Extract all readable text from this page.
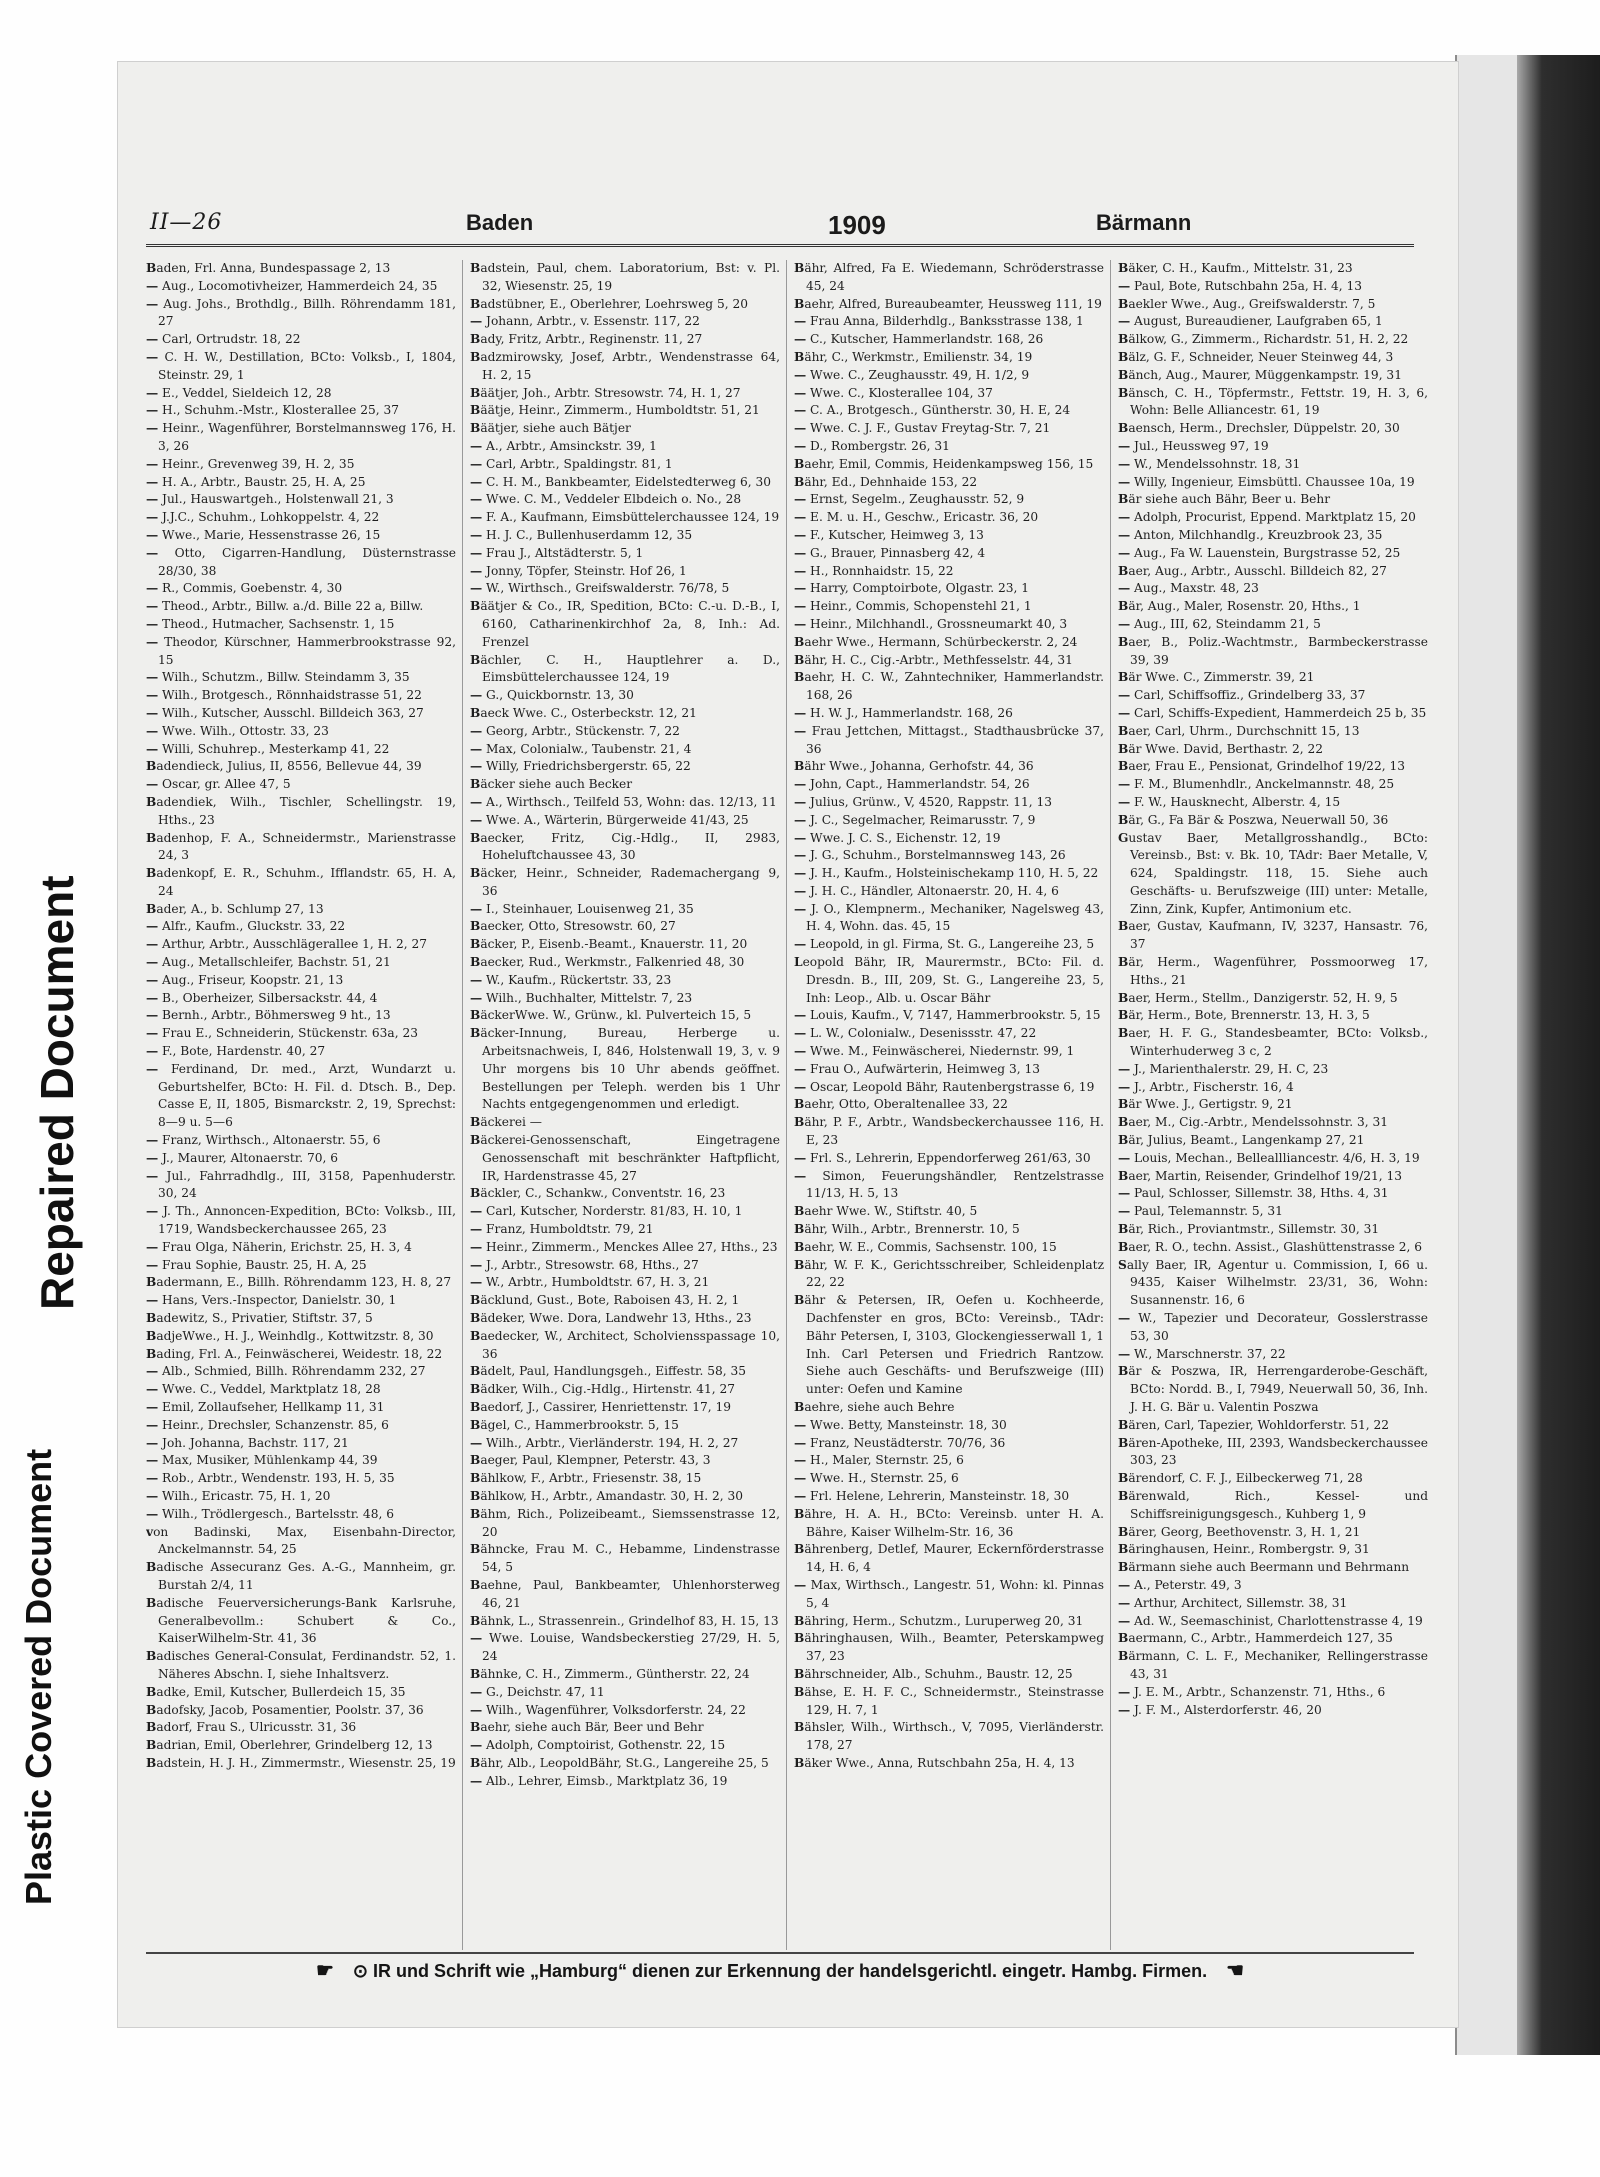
Repaired Document
Plastic Covered Document
II—26	Baden	1909	Bärmann
Baden, Frl. Anna, Bundespassage 2, 13
— Aug., Locomotivheizer, Hammerdeich 24, 35
— Aug. Johs., Brothdlg., Billh. Röhrendamm 181, 27
— Carl, Ortrudstr. 18, 22
— C. H. W., Destillation, BCto: Volksb., I, 1804, Steinstr. 29, 1
— E., Veddel, Sieldeich 12, 28
— H., Schuhm.-Mstr., Klosterallee 25, 37
— Heinr., Wagenführer, Borstelmannsweg 176, H. 3, 26
— Heinr., Grevenweg 39, H. 2, 35
— H. A., Arbtr., Baustr. 25, H. A, 25
— Jul., Hauswartgeh., Holstenwall 21, 3
— J.J.C., Schuhm., Lohkoppelstr. 4, 22
— Wwe., Marie, Hessenstrasse 26, 15
— Otto, Cigarren-Handlung, Düsternstrasse 28/30, 38
— R., Commis, Goebenstr. 4, 30
— Theod., Arbtr., Billw. a./d. Bille 22 a, Billw.
— Theod., Hutmacher, Sachsenstr. 1, 15
— Theodor, Kürschner, Hammerbrookstrasse 92, 15
— Wilh., Schutzm., Billw. Steindamm 3, 35
— Wilh., Brotgesch., Rönnhaidstrasse 51, 22
— Wilh., Kutscher, Ausschl. Billdeich 363, 27
— Wwe. Wilh., Ottostr. 33, 23
— Willi, Schuhrep., Mesterkamp 41, 22
Badendieck, Julius, II, 8556, Bellevue 44, 39
— Oscar, gr. Allee 47, 5
Badendiek, Wilh., Tischler, Schellingstr. 19, Hths., 23
Badenhop, F. A., Schneidermstr., Marienstrasse 24, 3
Badenkopf, E. R., Schuhm., Ifflandstr. 65, H. A, 24
Bader, A., b. Schlump 27, 13
— Alfr., Kaufm., Gluckstr. 33, 22
— Arthur, Arbtr., Ausschlägerallee 1, H. 2, 27
— Aug., Metallschleifer, Bachstr. 51, 21
— Aug., Friseur, Koopstr. 21, 13
— B., Oberheizer, Silbersackstr. 44, 4
— Bernh., Arbtr., Böhmersweg 9 ht., 13
— Frau E., Schneiderin, Stückenstr. 63a, 23
— F., Bote, Hardenstr. 40, 27
— Ferdinand, Dr. med., Arzt, Wundarzt u. Geburtshelfer, BCto: H. Fil. d. Dtsch. B., Dep. Casse E, II, 1805, Bismarckstr. 2, 19, Sprechst: 8—9 u. 5—6
— Franz, Wirthsch., Altonaerstr. 55, 6
— J., Maurer, Altonaerstr. 70, 6
— Jul., Fahrradhdlg., III, 3158, Papenhuderstr. 30, 24
— J. Th., Annoncen-Expedition, BCto: Volksb., III, 1719, Wandsbeckerchaussee 265, 23
— Frau Olga, Näherin, Erichstr. 25, H. 3, 4
— Frau Sophie, Baustr. 25, H. A, 25
Badermann, E., Billh. Röhrendamm 123, H. 8, 27
— Hans, Vers.-Inspector, Danielstr. 30, 1
Badewitz, S., Privatier, Stiftstr. 37, 5
BadjeWwe., H. J., Weinhdlg., Kottwitzstr. 8, 30
Bading, Frl. A., Feinwäscherei, Weidestr. 18, 22
— Alb., Schmied, Billh. Röhrendamm 232, 27
— Wwe. C., Veddel, Marktplatz 18, 28
— Emil, Zollaufseher, Hellkamp 11, 31
— Heinr., Drechsler, Schanzenstr. 85, 6
— Joh. Johanna, Bachstr. 117, 21
— Max, Musiker, Mühlenkamp 44, 39
— Rob., Arbtr., Wendenstr. 193, H. 5, 35
— Wilh., Ericastr. 75, H. 1, 20
— Wilh., Trödlergesch., Bartelsstr. 48, 6
von Badinski, Max, Eisenbahn-Director, Anckelmannstr. 54, 25
Badische Assecuranz Ges. A.-G., Mannheim, gr. Burstah 2/4, 11
Badische Feuerversicherungs-Bank Karlsruhe, Generalbevollm.: Schubert & Co., KaiserWilhelm-Str. 41, 36
Badisches General-Consulat, Ferdinandstr. 52, 1. Näheres Abschn. I, siehe Inhaltsverz.
Badke, Emil, Kutscher, Bullerdeich 15, 35
Badofsky, Jacob, Posamentier, Poolstr. 37, 36
Badorf, Frau S., Ulricusstr. 31, 36
Badrian, Emil, Oberlehrer, Grindelberg 12, 13
Badstein, H. J. H., Zimmermstr., Wiesenstr. 25, 19
Badstein, Paul, chem. Laboratorium, Bst: v. Pl. 32, Wiesenstr. 25, 19
Badstübner, E., Oberlehrer, Loehrsweg 5, 20
— Johann, Arbtr., v. Essenstr. 117, 22
Bady, Fritz, Arbtr., Reginenstr. 11, 27
Badzmirowsky, Josef, Arbtr., Wendenstrasse 64, H. 2, 15
Bäätjer, Joh., Arbtr. Stresowstr. 74, H. 1, 27
Bäätje, Heinr., Zimmerm., Humboldtstr. 51, 21
Bäätjer, siehe auch Bätjer
— A., Arbtr., Amsinckstr. 39, 1
— Carl, Arbtr., Spaldingstr. 81, 1
— C. H. M., Bankbeamter, Eidelstedterweg 6, 30
— Wwe. C. M., Veddeler Elbdeich o. No., 28
— F. A., Kaufmann, Eimsbüttelerchaussee 124, 19
— H. J. C., Bullenhuserdamm 12, 35
— Frau J., Altstädterstr. 5, 1
— Jonny, Töpfer, Steinstr. Hof 26, 1
— W., Wirthsch., Greifswalderstr. 76/78, 5
Bäätjer & Co., IR, Spedition, BCto: C.-u. D.-B., I, 6160, Catharinenkirchhof 2a, 8, Inh.: Ad. Frenzel
Bächler, C. H., Hauptlehrer a. D., Eimsbüttelerchaussee 124, 19
— G., Quickbornstr. 13, 30
Baeck Wwe. C., Osterbeckstr. 12, 21
— Georg, Arbtr., Stückenstr. 7, 22
— Max, Colonialw., Taubenstr. 21, 4
— Willy, Friedrichsbergerstr. 65, 22
Bäcker siehe auch Becker
— A., Wirthsch., Teilfeld 53, Wohn: das. 12/13, 11
— Wwe. A., Wärterin, Bürgerweide 41/43, 25
Baecker, Fritz, Cig.-Hdlg., II, 2983, Hoheluftchaussee 43, 30
Bäcker, Heinr., Schneider, Rademachergang 9, 36
— I., Steinhauer, Louisenweg 21, 35
Baecker, Otto, Stresowstr. 60, 27
Bäcker, P., Eisenb.-Beamt., Knauerstr. 11, 20
Baecker, Rud., Werkmstr., Falkenried 48, 30
— W., Kaufm., Rückertstr. 33, 23
— Wilh., Buchhalter, Mittelstr. 7, 23
BäckerWwe. W., Grünw., kl. Pulverteich 15, 5
Bäcker-Innung, Bureau, Herberge u. Arbeitsnachweis, I, 846, Holstenwall 19, 3, v. 9 Uhr morgens bis 10 Uhr abends geöffnet. Bestellungen per Teleph. werden bis 1 Uhr Nachts entgegengenommen und erledigt.
Bäckerei —
Bäckerei-Genossenschaft, Eingetragene Genossenschaft mit beschränkter Haftpflicht, IR, Hardenstrasse 45, 27
Bäckler, C., Schankw., Conventstr. 16, 23
— Carl, Kutscher, Norderstr. 81/83, H. 10, 1
— Franz, Humboldtstr. 79, 21
— Heinr., Zimmerm., Menckes Allee 27, Hths., 23
— J., Arbtr., Stresowstr. 68, Hths., 27
— W., Arbtr., Humboldtstr. 67, H. 3, 21
Bäcklund, Gust., Bote, Raboisen 43, H. 2, 1
Bädeker, Wwe. Dora, Landwehr 13, Hths., 23
Baedecker, W., Architect, Scholviensspassage 10, 36
Bädelt, Paul, Handlungsgeh., Eiffestr. 58, 35
Bädker, Wilh., Cig.-Hdlg., Hirtenstr. 41, 27
Baedorf, J., Cassirer, Henriettenstr. 17, 19
Bägel, C., Hammerbrookstr. 5, 15
— Wilh., Arbtr., Vierländerstr. 194, H. 2, 27
Baeger, Paul, Klempner, Peterstr. 43, 3
Bählkow, F., Arbtr., Friesenstr. 38, 15
Bählkow, H., Arbtr., Amandastr. 30, H. 2, 30
Bähm, Rich., Polizeibeamt., Siemssenstrasse 12, 20
Bähncke, Frau M. C., Hebamme, Lindenstrasse 54, 5
Baehne, Paul, Bankbeamter, Uhlenhorsterweg 46, 21
Bähnk, L., Strassenrein., Grindelhof 83, H. 15, 13
— Wwe. Louise, Wandsbeckerstieg 27/29, H. 5, 24
Bähnke, C. H., Zimmerm., Güntherstr. 22, 24
— G., Deichstr. 47, 11
— Wilh., Wagenführer, Volksdorferstr. 24, 22
Baehr, siehe auch Bär, Beer und Behr
— Adolph, Comptoirist, Gothenstr. 22, 15
Bähr, Alb., LeopoldBähr, St.G., Langereihe 25, 5
— Alb., Lehrer, Eimsb., Marktplatz 36, 19
Bähr, Alfred, Fa E. Wiedemann, Schröderstrasse 45, 24
Baehr, Alfred, Bureaubeamter, Heussweg 111, 19
— Frau Anna, Bilderhdlg., Banksstrasse 138, 1
— C., Kutscher, Hammerlandstr. 168, 26
Bähr, C., Werkmstr., Emilienstr. 34, 19
— Wwe. C., Zeughausstr. 49, H. 1/2, 9
— Wwe. C., Klosterallee 104, 37
— C. A., Brotgesch., Güntherstr. 30, H. E, 24
— Wwe. C. J. F., Gustav Freytag-Str. 7, 21
— D., Rombergstr. 26, 31
Baehr, Emil, Commis, Heidenkampsweg 156, 15
Bähr, Ed., Dehnhaide 153, 22
— Ernst, Segelm., Zeughausstr. 52, 9
— E. M. u. H., Geschw., Ericastr. 36, 20
— F., Kutscher, Heimweg 3, 13
— G., Brauer, Pinnasberg 42, 4
— H., Ronnhaidstr. 15, 22
— Harry, Comptoirbote, Olgastr. 23, 1
— Heinr., Commis, Schopenstehl 21, 1
— Heinr., Milchhandl., Grossneumarkt 40, 3
Baehr Wwe., Hermann, Schürbeckerstr. 2, 24
Bähr, H. C., Cig.-Arbtr., Methfesselstr. 44, 31
Baehr, H. C. W., Zahntechniker, Hammerlandstr. 168, 26
— H. W. J., Hammerlandstr. 168, 26
— Frau Jettchen, Mittagst., Stadthausbrücke 37, 36
Bähr Wwe., Johanna, Gerhofstr. 44, 36
— John, Capt., Hammerlandstr. 54, 26
— Julius, Grünw., V, 4520, Rappstr. 11, 13
— J. C., Segelmacher, Reimarusstr. 7, 9
— Wwe. J. C. S., Eichenstr. 12, 19
— J. G., Schuhm., Borstelmannsweg 143, 26
— J. H., Kaufm., Holsteinischekamp 110, H. 5, 22
— J. H. C., Händler, Altonaerstr. 20, H. 4, 6
— J. O., Klempnerm., Mechaniker, Nagelsweg 43, H. 4, Wohn. das. 45, 15
— Leopold, in gl. Firma, St. G., Langereihe 23, 5
Leopold Bähr, IR, Maurermstr., BCto: Fil. d. Dresdn. B., III, 209, St. G., Langereihe 23, 5, Inh: Leop., Alb. u. Oscar Bähr
— Louis, Kaufm., V, 7147, Hammerbrookstr. 5, 15
— L. W., Colonialw., Desenissstr. 47, 22
— Wwe. M., Feinwäscherei, Niedernstr. 99, 1
— Frau O., Aufwärterin, Heimweg 3, 13
— Oscar, Leopold Bähr, Rautenbergstrasse 6, 19
Baehr, Otto, Oberaltenallee 33, 22
Bähr, P. F., Arbtr., Wandsbeckerchaussee 116, H. E, 23
— Frl. S., Lehrerin, Eppendorferweg 261/63, 30
— Simon, Feuerungshändler, Rentzelstrasse 11/13, H. 5, 13
Baehr Wwe. W., Stiftstr. 40, 5
Bähr, Wilh., Arbtr., Brennerstr. 10, 5
Baehr, W. E., Commis, Sachsenstr. 100, 15
Bähr, W. F. K., Gerichtsschreiber, Schleidenplatz 22, 22
Bähr & Petersen, IR, Oefen u. Kochheerde, Dachfenster en gros, BCto: Vereinsb., TAdr: Bähr Petersen, I, 3103, Glockengiesserwall 1, 1 Inh. Carl Petersen und Friedrich Rantzow. Siehe auch Geschäfts- und Berufszweige (III) unter: Oefen und Kamine
Baehre, siehe auch Behre
— Wwe. Betty, Mansteinstr. 18, 30
— Franz, Neustädterstr. 70/76, 36
— H., Maler, Sternstr. 25, 6
— Wwe. H., Sternstr. 25, 6
— Frl. Helene, Lehrerin, Mansteinstr. 18, 30
Bähre, H. A. H., BCto: Vereinsb. unter H. A. Bähre, Kaiser Wilhelm-Str. 16, 36
Bährenberg, Detlef, Maurer, Eckernförderstrasse 14, H. 6, 4
— Max, Wirthsch., Langestr. 51, Wohn: kl. Pinnas 5, 4
Bähring, Herm., Schutzm., Luruperweg 20, 31
Bähringhausen, Wilh., Beamter, Peterskampweg 37, 23
Bährschneider, Alb., Schuhm., Baustr. 12, 25
Bähse, E. H. F. C., Schneidermstr., Steinstrasse 129, H. 7, 1
Bähsler, Wilh., Wirthsch., V, 7095, Vierländerstr. 178, 27
Bäker Wwe., Anna, Rutschbahn 25a, H. 4, 13
Bäker, C. H., Kaufm., Mittelstr. 31, 23
— Paul, Bote, Rutschbahn 25a, H. 4, 13
Baekler Wwe., Aug., Greifswalderstr. 7, 5
— August, Bureaudiener, Laufgraben 65, 1
Bälkow, G., Zimmerm., Richardstr. 51, H. 2, 22
Bälz, G. F., Schneider, Neuer Steinweg 44, 3
Bänch, Aug., Maurer, Müggenkampstr. 19, 31
Bänsch, C. H., Töpfermstr., Fettstr. 19, H. 3, 6, Wohn: Belle Alliancestr. 61, 19
Baensch, Herm., Drechsler, Düppelstr. 20, 30
— Jul., Heussweg 97, 19
— W., Mendelssohnstr. 18, 31
— Willy, Ingenieur, Eimsbüttl. Chaussee 10a, 19
Bär siehe auch Bähr, Beer u. Behr
— Adolph, Procurist, Eppend. Marktplatz 15, 20
— Anton, Milchhandlg., Kreuzbrook 23, 35
— Aug., Fa W. Lauenstein, Burgstrasse 52, 25
Baer, Aug., Arbtr., Ausschl. Billdeich 82, 27
— Aug., Maxstr. 48, 23
Bär, Aug., Maler, Rosenstr. 20, Hths., 1
— Aug., III, 62, Steindamm 21, 5
Baer, B., Poliz.-Wachtmstr., Barmbeckerstrasse 39, 39
Bär Wwe. C., Zimmerstr. 39, 21
— Carl, Schiffsoffiz., Grindelberg 33, 37
— Carl, Schiffs-Expedient, Hammerdeich 25 b, 35
Baer, Carl, Uhrm., Durchschnitt 15, 13
Bär Wwe. David, Berthastr. 2, 22
Baer, Frau E., Pensionat, Grindelhof 19/22, 13
— F. M., Blumenhdlr., Anckelmannstr. 48, 25
— F. W., Hausknecht, Alberstr. 4, 15
Bär, G., Fa Bär & Poszwa, Neuerwall 50, 36
Gustav Baer, Metallgrosshandlg., BCto: Vereinsb., Bst: v. Bk. 10, TAdr: Baer Metalle, V, 624, Spaldingstr. 118, 15. Siehe auch Geschäfts- u. Berufszweige (III) unter: Metalle, Zinn, Zink, Kupfer, Antimonium etc.
Baer, Gustav, Kaufmann, IV, 3237, Hansastr. 76, 37
Bär, Herm., Wagenführer, Possmoorweg 17, Hths., 21
Baer, Herm., Stellm., Danzigerstr. 52, H. 9, 5
Bär, Herm., Bote, Brennerstr. 13, H. 3, 5
Baer, H. F. G., Standesbeamter, BCto: Volksb., Winterhuderweg 3 c, 2
— J., Marienthalerstr. 29, H. C, 23
— J., Arbtr., Fischerstr. 16, 4
Bär Wwe. J., Gertigstr. 9, 21
Baer, M., Cig.-Arbtr., Mendelssohnstr. 3, 31
Bär, Julius, Beamt., Langenkamp 27, 21
— Louis, Mechan., Belleallliancestr. 4/6, H. 3, 19
Baer, Martin, Reisender, Grindelhof 19/21, 13
— Paul, Schlosser, Sillemstr. 38, Hths. 4, 31
— Paul, Telemannstr. 5, 31
Bär, Rich., Proviantmstr., Sillemstr. 30, 31
Baer, R. O., techn. Assist., Glashüttenstrasse 2, 6
Sally Baer, IR, Agentur u. Commission, I, 66 u. 9435, Kaiser Wilhelmstr. 23/31, 36, Wohn: Susannenstr. 16, 6
— W., Tapezier und Decorateur, Gosslerstrasse 53, 30
— W., Marschnerstr. 37, 22
Bär & Poszwa, IR, Herrengarderobe-Geschäft, BCto: Nordd. B., I, 7949, Neuerwall 50, 36, Inh. J. H. G. Bär u. Valentin Poszwa
Bären, Carl, Tapezier, Wohldorferstr. 51, 22
Bären-Apotheke, III, 2393, Wandsbeckerchaussee 303, 23
Bärendorf, C. F. J., Eilbeckerweg 71, 28
Bärenwald, Rich., Kessel- und Schiffsreinigungsgesch., Kuhberg 1, 9
Bärer, Georg, Beethovenstr. 3, H. 1, 21
Bäringhausen, Heinr., Rombergstr. 9, 31
Bärmann siehe auch Beermann und Behrmann
— A., Peterstr. 49, 3
— Arthur, Architect, Sillemstr. 38, 31
— Ad. W., Seemaschinist, Charlottenstrasse 4, 19
Baermann, C., Arbtr., Hammerdeich 127, 35
Bärmann, C. L. F., Mechaniker, Rellingerstrasse 43, 31
— J. E. M., Arbtr., Schanzenstr. 71, Hths., 6
— J. F. M., Alsterdorferstr. 46, 20
☛ ⊙ IR und Schrift wie „Hamburg“ dienen zur Erkennung der handelsgerichtl. eingetr. Hambg. Firmen. ☚
